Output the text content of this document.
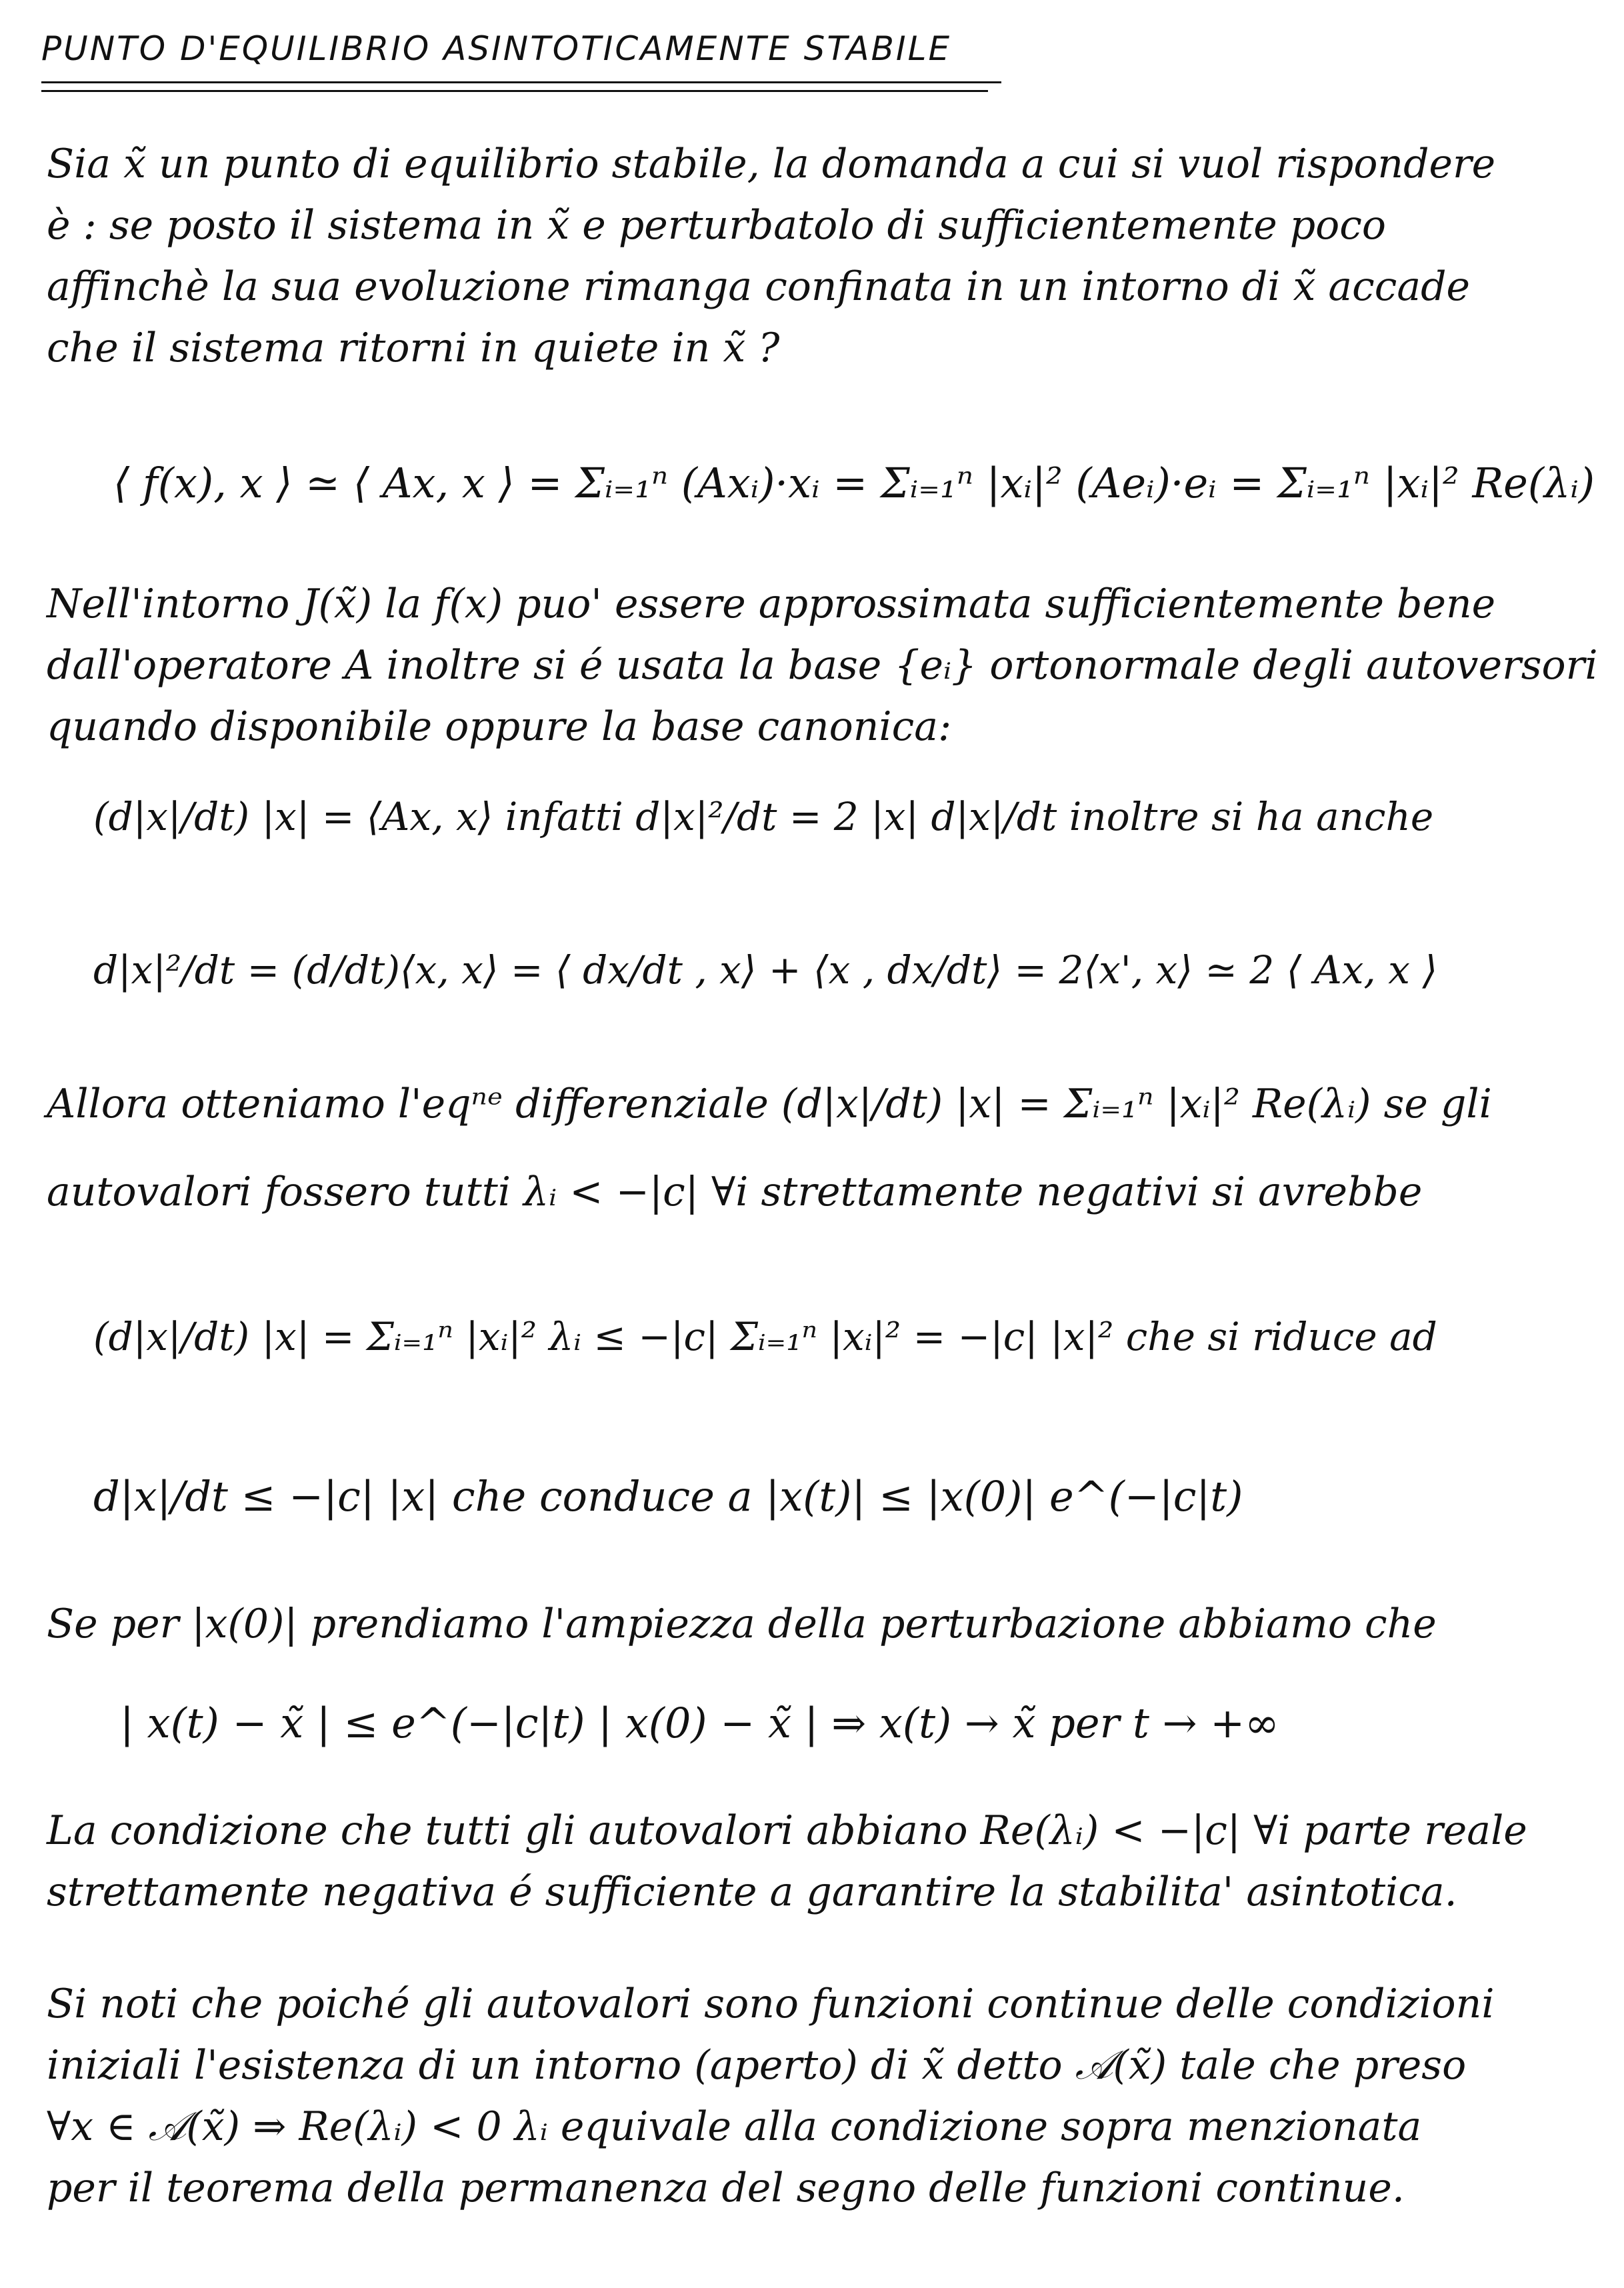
PUNTO D'EQUILIBRIO ASINTOTICAMENTE STABILE
Sia x̃ un punto di equilibrio stabile, la domanda a cui si vuol rispondere
è : se posto il sistema in x̃ e perturbatolo di sufficientemente poco
affinchè la sua evoluzione rimanga confinata in un intorno di x̃ accade
che il sistema ritorni in quiete in x̃ ?
⟨ f(x), x ⟩ ≃ ⟨ Ax, x ⟩ = Σᵢ₌₁ⁿ (Axᵢ)·xᵢ = Σᵢ₌₁ⁿ |xᵢ|² (Aeᵢ)·eᵢ = Σᵢ₌₁ⁿ |xᵢ|² Re(λᵢ)
Nell'intorno J(x̃) la f(x) puo' essere approssimata sufficientemente bene
dall'operatore A inoltre si é usata la base {eᵢ} ortonormale degli autoversori
quando disponibile oppure la base canonica:
(d|x|/dt) |x| = ⟨Ax, x⟩ infatti d|x|²/dt = 2 |x| d|x|/dt inoltre si ha anche
d|x|²/dt = (d/dt)⟨x, x⟩ = ⟨ dx/dt , x⟩ + ⟨x , dx/dt⟩ = 2⟨x', x⟩ ≃ 2 ⟨ Ax, x ⟩
Allora otteniamo l'eqⁿᵉ differenziale (d|x|/dt) |x| = Σᵢ₌₁ⁿ |xᵢ|² Re(λᵢ) se gli
autovalori fossero tutti λᵢ < −|c| ∀i strettamente negativi si avrebbe
(d|x|/dt) |x| = Σᵢ₌₁ⁿ |xᵢ|² λᵢ ≤ −|c| Σᵢ₌₁ⁿ |xᵢ|² = −|c| |x|² che si riduce ad
d|x|/dt ≤ −|c| |x| che conduce a |x(t)| ≤ |x(0)| e^(−|c|t)
Se per |x(0)| prendiamo l'ampiezza della perturbazione abbiamo che
| x(t) − x̃ | ≤ e^(−|c|t) | x(0) − x̃ | ⇒ x(t) → x̃ per t → +∞
La condizione che tutti gli autovalori abbiano Re(λᵢ) < −|c| ∀i parte reale
strettamente negativa é sufficiente a garantire la stabilita' asintotica.
Si noti che poiché gli autovalori sono funzioni continue delle condizioni
iniziali l'esistenza di un intorno (aperto) di x̃ detto 𝒜(x̃) tale che preso
∀x ∈ 𝒜(x̃) ⇒ Re(λᵢ) < 0 λᵢ equivale alla condizione sopra menzionata
per il teorema della permanenza del segno delle funzioni continue.
